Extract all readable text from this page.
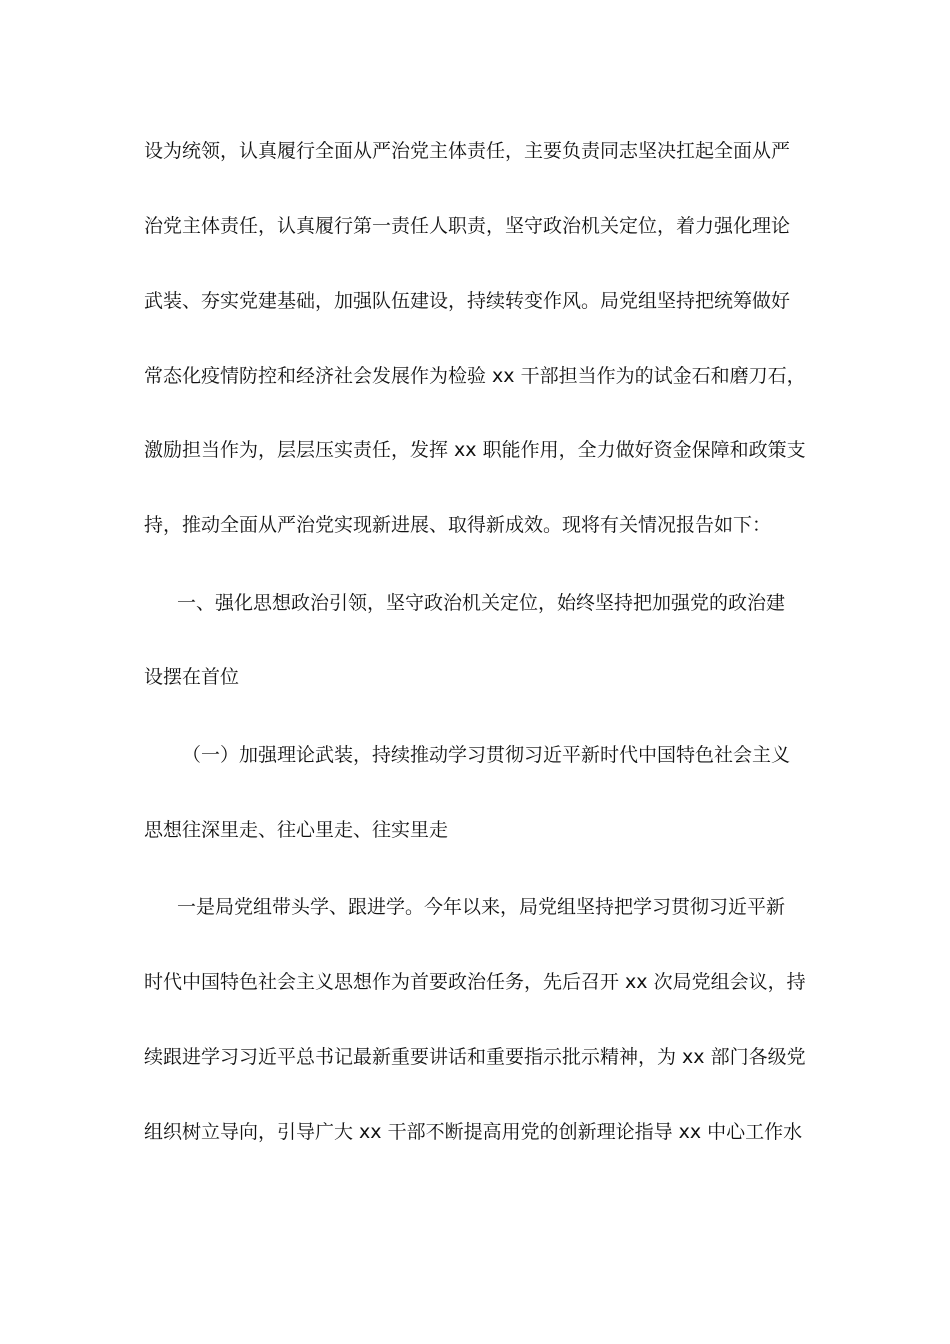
设为统领，认真履行全面从严治党主体责任，主要负责同志坚决扛起全面从严
治党主体责任，认真履行第一责任人职责，坚守政治机关定位，着力强化理论
武装、夯实党建基础，加强队伍建设，持续转变作风。局党组坚持把统筹做好
常态化疫情防控和经济社会发展作为检验 xx 干部担当作为的试金石和磨刀石，
激励担当作为，层层压实责任，发挥 xx 职能作用，全力做好资金保障和政策支
持，推动全面从严治党实现新进展、取得新成效。现将有关情况报告如下：
一、强化思想政治引领，坚守政治机关定位，始终坚持把加强党的政治建
设摆在首位
（一）加强理论武装，持续推动学习贯彻习近平新时代中国特色社会主义
思想往深里走、往心里走、往实里走
一是局党组带头学、跟进学。今年以来，局党组坚持把学习贯彻习近平新
时代中国特色社会主义思想作为首要政治任务，先后召开 xx 次局党组会议，持
续跟进学习习近平总书记最新重要讲话和重要指示批示精神，为 xx 部门各级党
组织树立导向，引导广大 xx 干部不断提高用党的创新理论指导 xx 中心工作水
